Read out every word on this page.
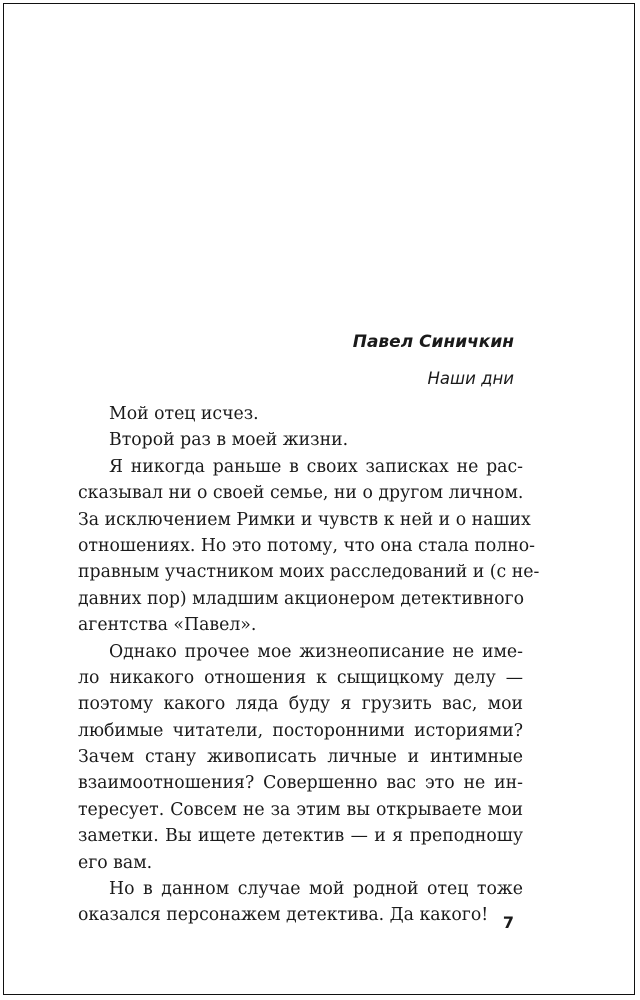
Павел Синичкин
Наши дни
Мой отец исчез.
Второй раз в моей жизни.
Я никогда раньше в своих записках не рас-
сказывал ни о своей семье, ни о другом личном.
За исключением Римки и чувств к ней и о наших
отношениях. Но это потому, что она стала полно-
правным участником моих расследований и (с не-
давних пор) младшим акционером детективного
агентства «Павел».
Однако прочее мое жизнеописание не име-
ло никакого отношения к сыщицкому делу —
поэтому какого ляда буду я грузить вас, мои
любимые читатели, посторонними историями?
Зачем стану живописать личные и интимные
взаимоотношения? Совершенно вас это не ин-
тересует. Совсем не за этим вы открываете мои
заметки. Вы ищете детектив — и я преподношу
его вам.
Но в данном случае мой родной отец тоже
оказался персонажем детектива. Да какого! 7
